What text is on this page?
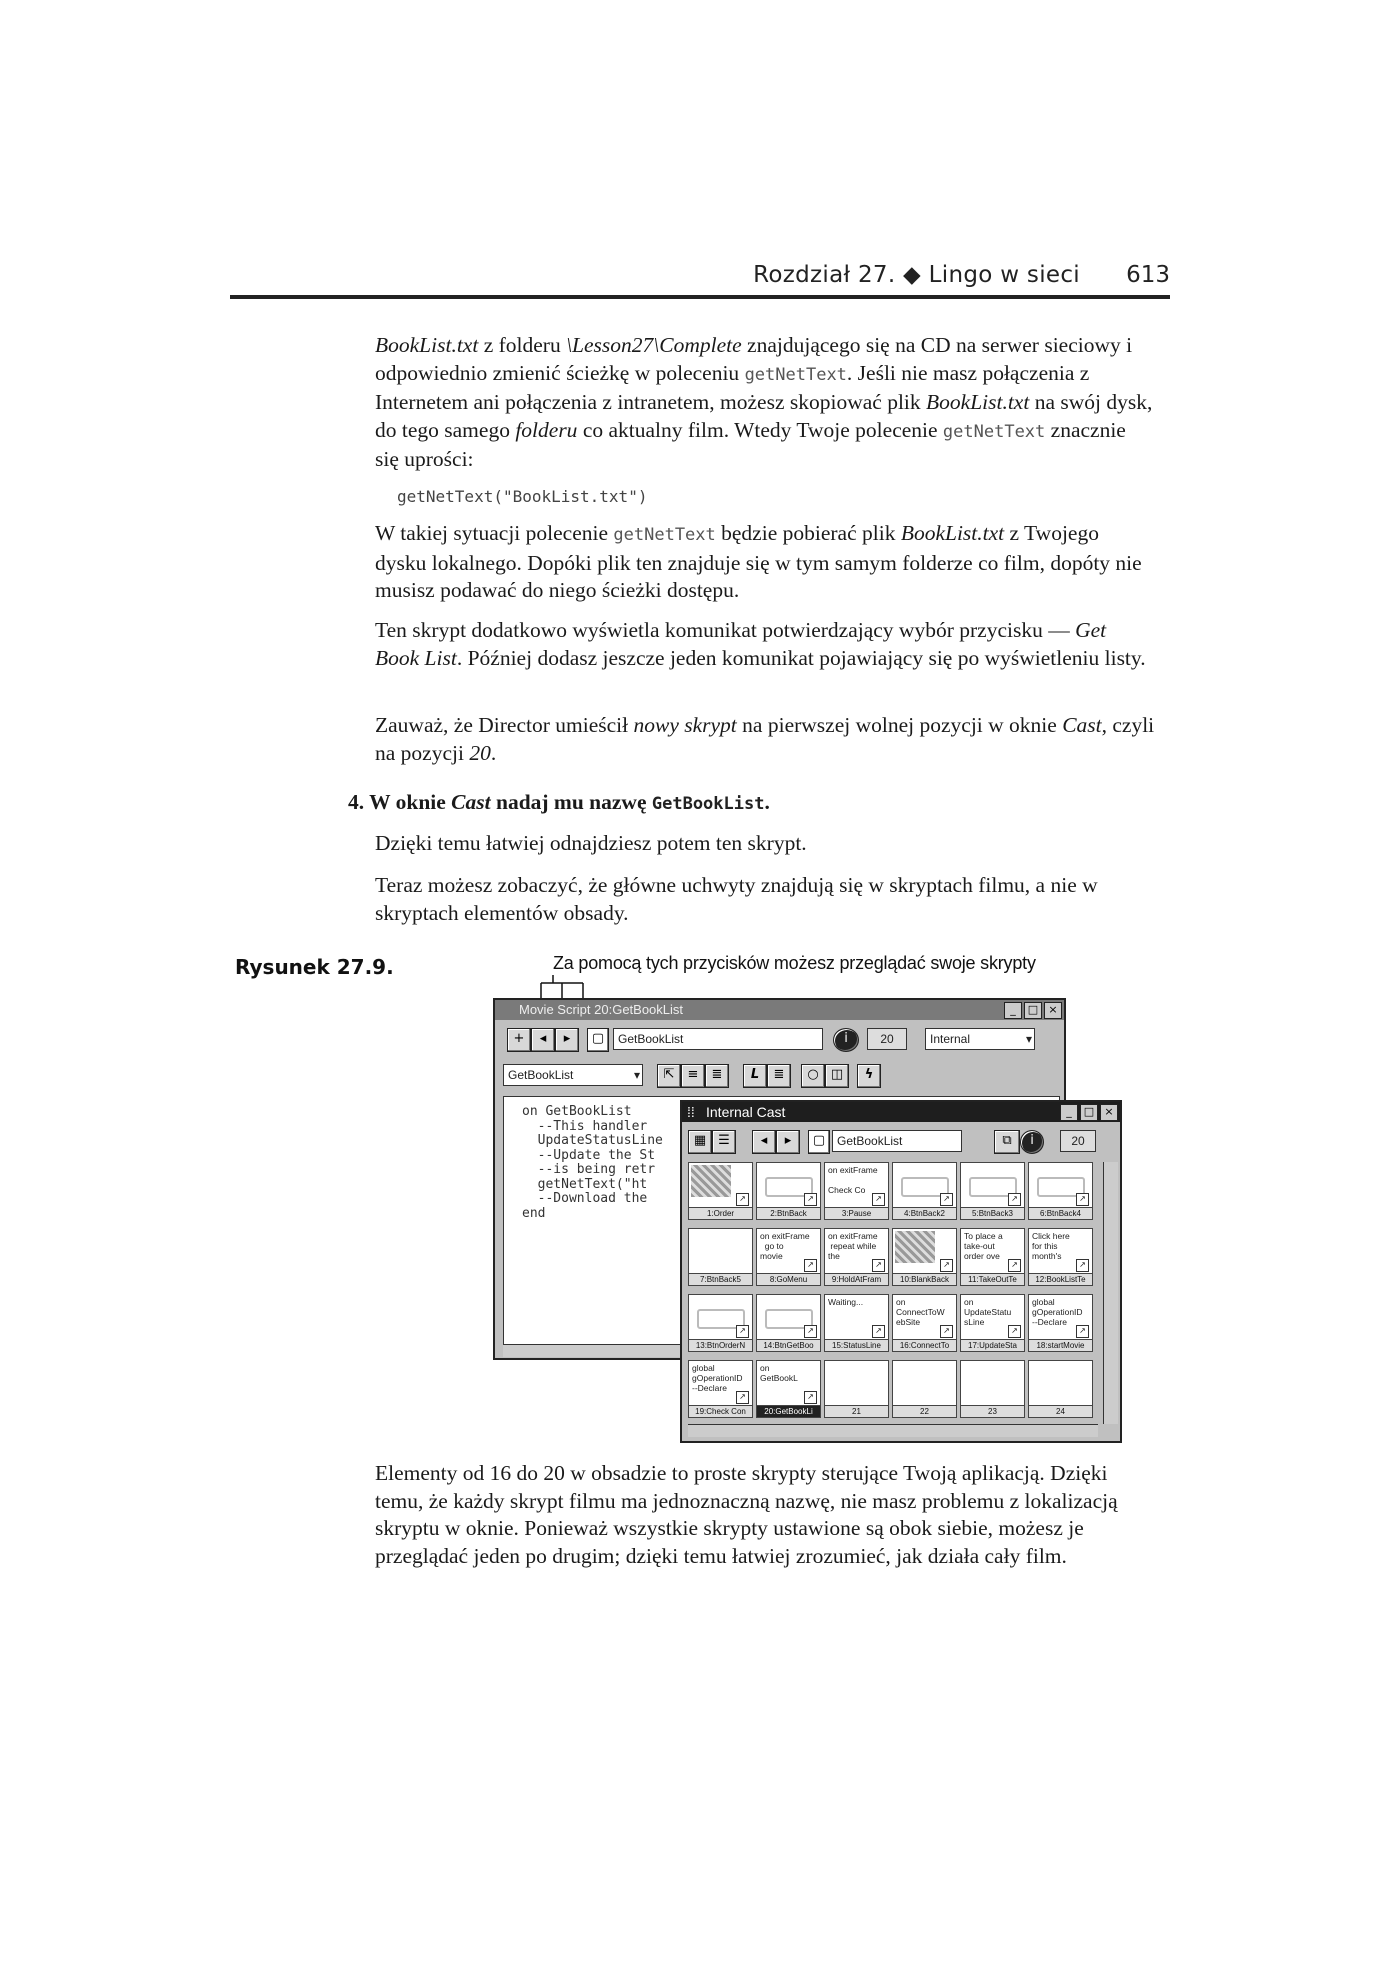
Rozdział 27. ◆ Lingo w sieci 613

BookList.txt z folderu \Lesson27\Complete znajdującego się na CD na serwer sieciowy i odpowiednio zmienić ścieżkę w poleceniu getNetText. Jeśli nie masz połączenia z Internetem ani połączenia z intranetem, możesz skopiować plik BookList.txt na swój dysk, do tego samego folderu co aktualny film. Wtedy Twoje polecenie getNetText znacznie się uprości:

getNetText("BookList.txt")

W takiej sytuacji polecenie getNetText będzie pobierać plik BookList.txt z Twojego dysku lokalnego. Dopóki plik ten znajduje się w tym samym folderze co film, dopóty nie musisz podawać do niego ścieżki dostępu.

Ten skrypt dodatkowo wyświetla komunikat potwierdzający wybór przycisku — Get Book List. Później dodasz jeszcze jeden komunikat pojawiający się po wyświetleniu listy.

Zauważ, że Director umieścił nowy skrypt na pierwszej wolnej pozycji w oknie Cast, czyli na pozycji 20.

4. W oknie Cast nadaj mu nazwę GetBookList.

Dzięki temu łatwiej odnajdziesz potem ten skrypt.

Teraz możesz zobaczyć, że główne uchwyty znajdują się w skryptach filmu, a nie w skryptach elementów obsady.

Rysunek 27.9.	Za pomocą tych przycisków możesz przeglądać swoje skrypty
Movie Script 20:GetBookList	_	□ ×
+	◂	▸	▢	GetBookList	i	20	Internal	▾
GetBookList	▾	⇱	≡	≣	L	≣	○ ◫	ϟ
on GetBookList
--This handler
UpdateStatusLine
--Update the St
--is being retr
getNetText("ht
--Download the
end
⁞⁞ Internal Cast	_	□ ×
▦ ☰	◂	▸	▢ GetBookList	⧉	i	20
↗
1:Order
↗
2:BtnBack
on exitFrame

Check Co
↗
3:Pause
↗
4:BtnBack2
↗
5:BtnBack3
↗
6:BtnBack4
7:BtnBack5
on exitFrame
go to
movie
↗
8:GoMenu
on exitFrame
repeat while
the
↗
9:HoldAtFram
↗
10:BlankBack
To place a
take-out
order ove
↗
11:TakeOutTe
Click here
for this
month's
↗
12:BookListTe
↗
13:BtnOrderN
↗
14:BtnGetBoo
Waiting...
↗
15:StatusLine
on
ConnectToW
ebSite
↗
16:ConnectTo
on
UpdateStatu
sLine
↗
17:UpdateSta
global
gOperationID
--Declare
↗
18:startMovie
global
gOperationID
--Declare
↗
19:Check Con
on
GetBookL
↗
20:GetBookLi	21	22	23	24

Elementy od 16 do 20 w obsadzie to proste skrypty sterujące Twoją aplikacją. Dzięki temu, że każdy skrypt filmu ma jednoznaczną nazwę, nie masz problemu z lokalizacją skryptu w oknie. Ponieważ wszystkie skrypty ustawione są obok siebie, możesz je przeglądać jeden po drugim; dzięki temu łatwiej zrozumieć, jak działa cały film.
